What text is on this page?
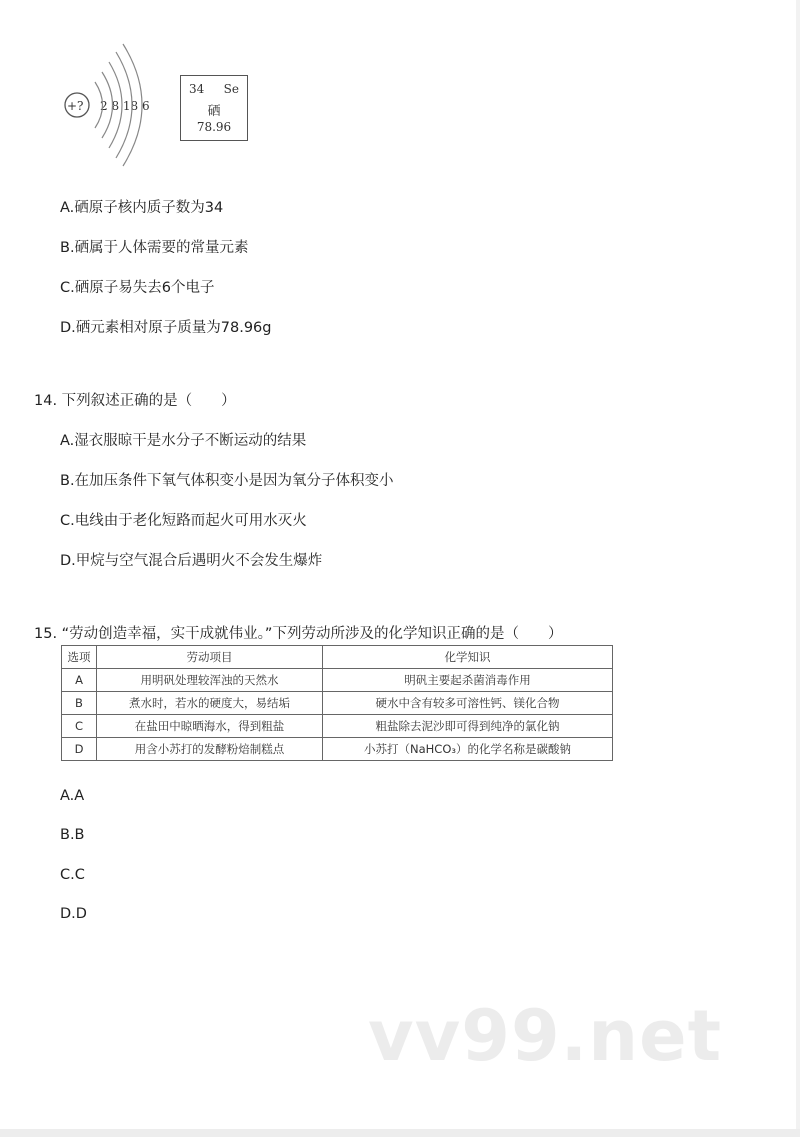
+? 2 8 18 6
34 Se
硒
78.96
A.硒原子核内质子数为34
B.硒属于人体需要的常量元素
C.硒原子易失去6个电子
D.硒元素相对原子质量为78.96g
14. 下列叙述正确的是（　　）
A.湿衣服晾干是水分子不断运动的结果
B.在加压条件下氧气体积变小是因为氧分子体积变小
C.电线由于老化短路而起火可用水灭火
D.甲烷与空气混合后遇明火不会发生爆炸
15. “劳动创造幸福，实干成就伟业。”下列劳动所涉及的化学知识正确的是（　　）
选项	劳动项目	化学知识
A	用明矾处理较浑浊的天然水	明矾主要起杀菌消毒作用
B	煮水时，若水的硬度大，易结垢	硬水中含有较多可溶性钙、镁化合物
C	在盐田中晾晒海水，得到粗盐	粗盐除去泥沙即可得到纯净的氯化钠
D	用含小苏打的发酵粉焙制糕点	小苏打（NaHCO₃）的化学名称是碳酸钠
A.A
B.B
C.C
D.D
vv99.net
